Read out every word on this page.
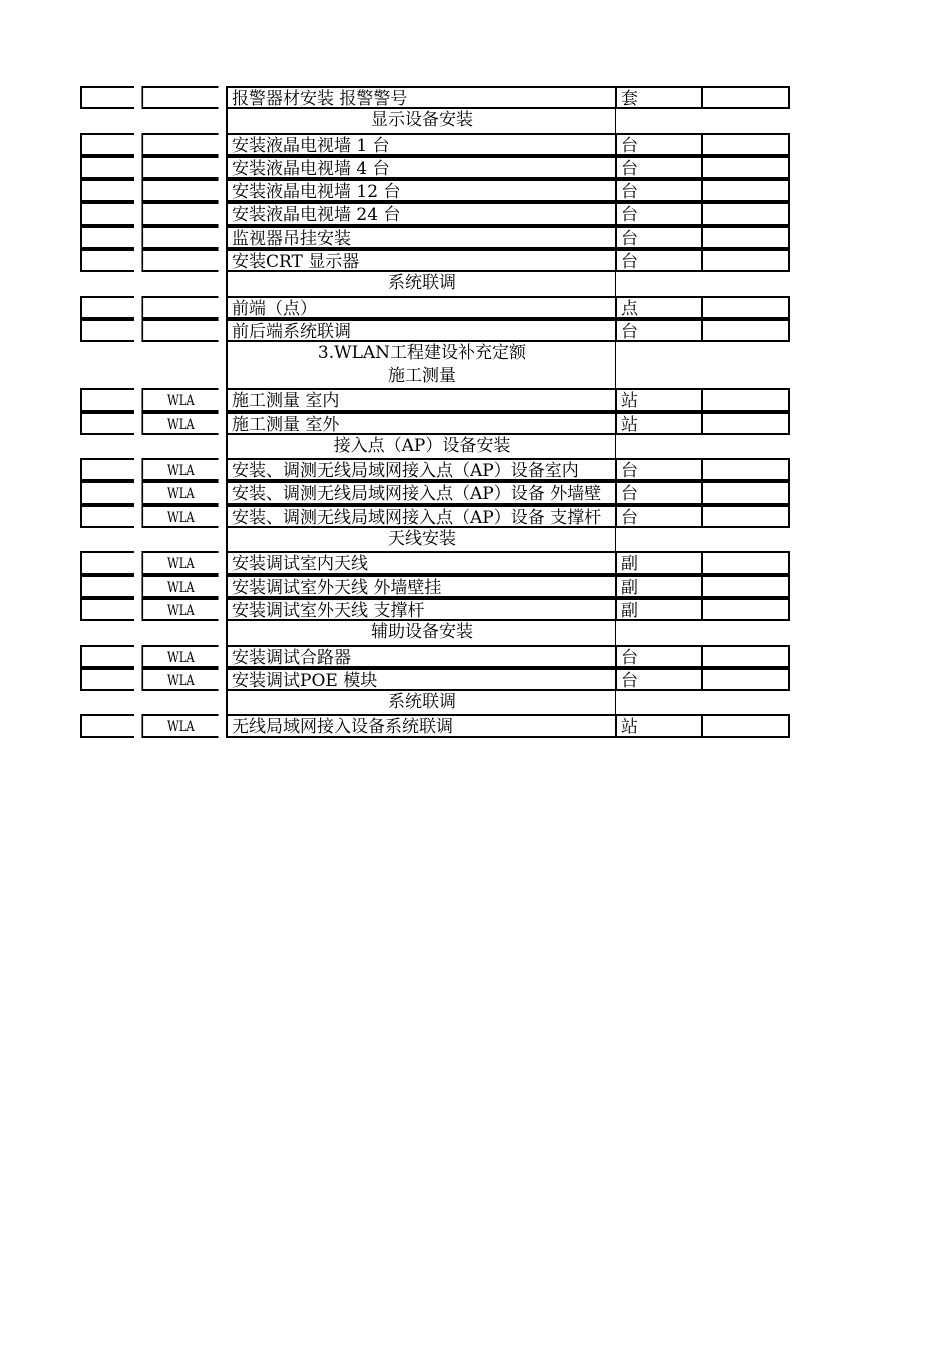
报警器材安装 报警警号	套
显示设备安装
安装液晶电视墙 1 台	台
安装液晶电视墙 4 台	台
安装液晶电视墙 12 台	台
安装液晶电视墙 24 台	台
监视器吊挂安装	台
安装CRT 显示器	台
系统联调
前端（点）	点
前后端系统联调	台
3.WLAN工程建设补充定额
施工测量
WLA	施工测量 室内	站
WLA	施工测量 室外	站
接入点（AP）设备安装
WLA	安装、调测无线局域网接入点（AP）设备室内	台
WLA	安装、调测无线局域网接入点（AP）设备 外墙壁	台
WLA	安装、调测无线局域网接入点（AP）设备 支撑杆	台
天线安装
WLA	安装调试室内天线	副
WLA	安装调试室外天线 外墙壁挂	副
WLA	安装调试室外天线 支撑杆	副
辅助设备安装
WLA	安装调试合路器	台
WLA	安装调试POE 模块	台
系统联调
WLA	无线局域网接入设备系统联调	站
